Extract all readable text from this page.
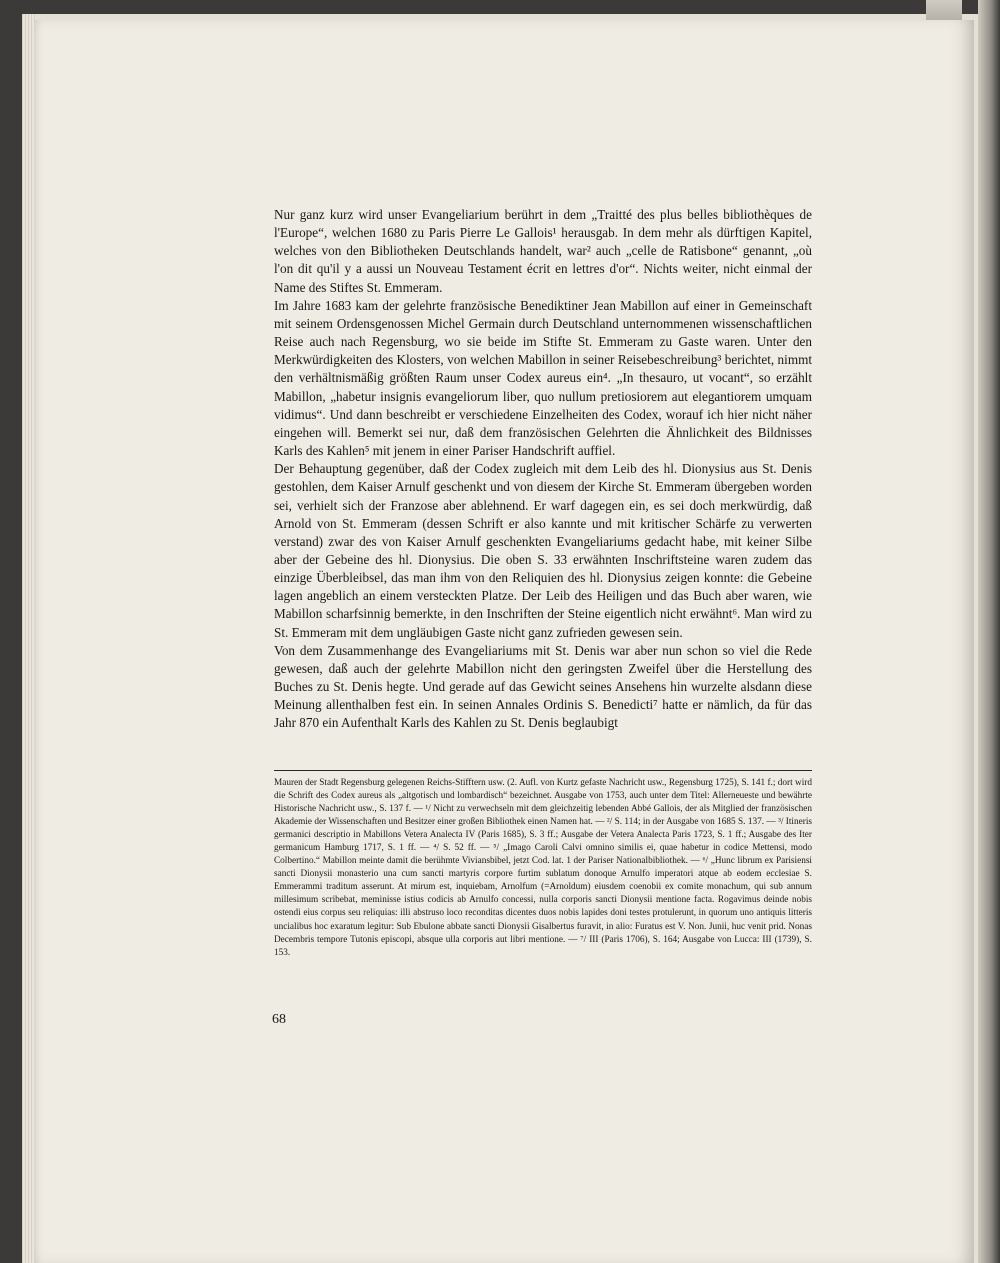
Nur ganz kurz wird unser Evangeliarium berührt in dem „Traitté des plus belles bibliothèques de l'Europe“, welchen 1680 zu Paris Pierre Le Gallois¹ herausgab. In dem mehr als dürftigen Kapitel, welches von den Bibliotheken Deutschlands handelt, war² auch „celle de Ratisbone“ genannt, „où l'on dit qu'il y a aussi un Nouveau Testament écrit en lettres d'or“. Nichts weiter, nicht einmal der Name des Stiftes St. Emmeram.

Im Jahre 1683 kam der gelehrte französische Benediktiner Jean Mabillon auf einer in Gemeinschaft mit seinem Ordensgenossen Michel Germain durch Deutschland unternommenen wissenschaftlichen Reise auch nach Regensburg, wo sie beide im Stifte St. Emmeram zu Gaste waren. Unter den Merkwürdigkeiten des Klosters, von welchen Mabillon in seiner Reisebeschreibung³ berichtet, nimmt den verhältnismäßig größten Raum unser Codex aureus ein⁴. „In thesauro, ut vocant“, so erzählt Mabillon, „habetur insignis evangeliorum liber, quo nullum pretiosiorem aut elegantiorem umquam vidimus“. Und dann beschreibt er verschiedene Einzelheiten des Codex, worauf ich hier nicht näher eingehen will. Bemerkt sei nur, daß dem französischen Gelehrten die Ähnlichkeit des Bildnisses Karls des Kahlen⁵ mit jenem in einer Pariser Handschrift auffiel.

Der Behauptung gegenüber, daß der Codex zugleich mit dem Leib des hl. Dionysius aus St. Denis gestohlen, dem Kaiser Arnulf geschenkt und von diesem der Kirche St. Emmeram übergeben worden sei, verhielt sich der Franzose aber ablehnend. Er warf dagegen ein, es sei doch merkwürdig, daß Arnold von St. Emmeram (dessen Schrift er also kannte und mit kritischer Schärfe zu verwerten verstand) zwar des von Kaiser Arnulf geschenkten Evangeliariums gedacht habe, mit keiner Silbe aber der Gebeine des hl. Dionysius. Die oben S. 33 erwähnten Inschriftsteine waren zudem das einzige Überbleibsel, das man ihm von den Reliquien des hl. Dionysius zeigen konnte: die Gebeine lagen angeblich an einem versteckten Platze. Der Leib des Heiligen und das Buch aber waren, wie Mabillon scharfsinnig bemerkte, in den Inschriften der Steine eigentlich nicht erwähnt⁶. Man wird zu St. Emmeram mit dem ungläubigen Gaste nicht ganz zufrieden gewesen sein.

Von dem Zusammenhange des Evangeliariums mit St. Denis war aber nun schon so viel die Rede gewesen, daß auch der gelehrte Mabillon nicht den geringsten Zweifel über die Herstellung des Buches zu St. Denis hegte. Und gerade auf das Gewicht seines Ansehens hin wurzelte alsdann diese Meinung allenthalben fest ein. In seinen Annales Ordinis S. Benedicti⁷ hatte er nämlich, da für das Jahr 870 ein Aufenthalt Karls des Kahlen zu St. Denis beglaubigt

Mauren der Stadt Regensburg gelegenen Reichs-Stifftern usw. (2. Aufl. von Kurtz gefaste Nachricht usw., Regensburg 1725), S. 141 f.; dort wird die Schrift des Codex aureus als „altgotisch und lombardisch“ bezeichnet. Ausgabe von 1753, auch unter dem Titel: Allerneueste und bewährte Historische Nachricht usw., S. 137 f. — ¹/ Nicht zu verwechseln mit dem gleichzeitig lebenden Abbé Gallois, der als Mitglied der französischen Akademie der Wissenschaften und Besitzer einer großen Bibliothek einen Namen hat. — ²/ S. 114; in der Ausgabe von 1685 S. 137. — ³/ Itineris germanici descriptio in Mabillons Vetera Analecta IV (Paris 1685), S. 3 ff.; Ausgabe der Vetera Analecta Paris 1723, S. 1 ff.; Ausgabe des Iter germanicum Hamburg 1717, S. 1 ff. — ⁴/ S. 52 ff. — ⁵/ „Imago Caroli Calvi omnino similis ei, quae habetur in codice Mettensi, modo Colbertino.“ Mabillon meinte damit die berühmte Viviansbibel, jetzt Cod. lat. 1 der Pariser Nationalbibliothek. — ⁶/ „Hunc librum ex Parisiensi sancti Dionysii monasterio una cum sancti martyris corpore furtim sublatum donoque Arnulfo imperatori atque ab eodem ecclesiae S. Emmerammi traditum asserunt. At mirum est, inquiebam, Arnolfum (=Arnoldum) eiusdem coenobii ex comite monachum, qui sub annum millesimum scribebat, meminisse istius codicis ab Arnulfo concessi, nulla corporis sancti Dionysii mentione facta. Rogavimus deinde nobis ostendi eius corpus seu reliquias: illi abstruso loco reconditas dicentes duos nobis lapides doni testes protulerunt, in quorum uno antiquis litteris uncialibus hoc exaratum legitur: Sub Ebulone abbate sancti Dionysii Gisalbertus furavit, in alio: Furatus est V. Non. Junii, huc venit prid. Nonas Decembris tempore Tutonis episcopi, absque ulla corporis aut libri mentione. — ⁷/ III (Paris 1706), S. 164; Ausgabe von Lucca: III (1739), S. 153.
68
